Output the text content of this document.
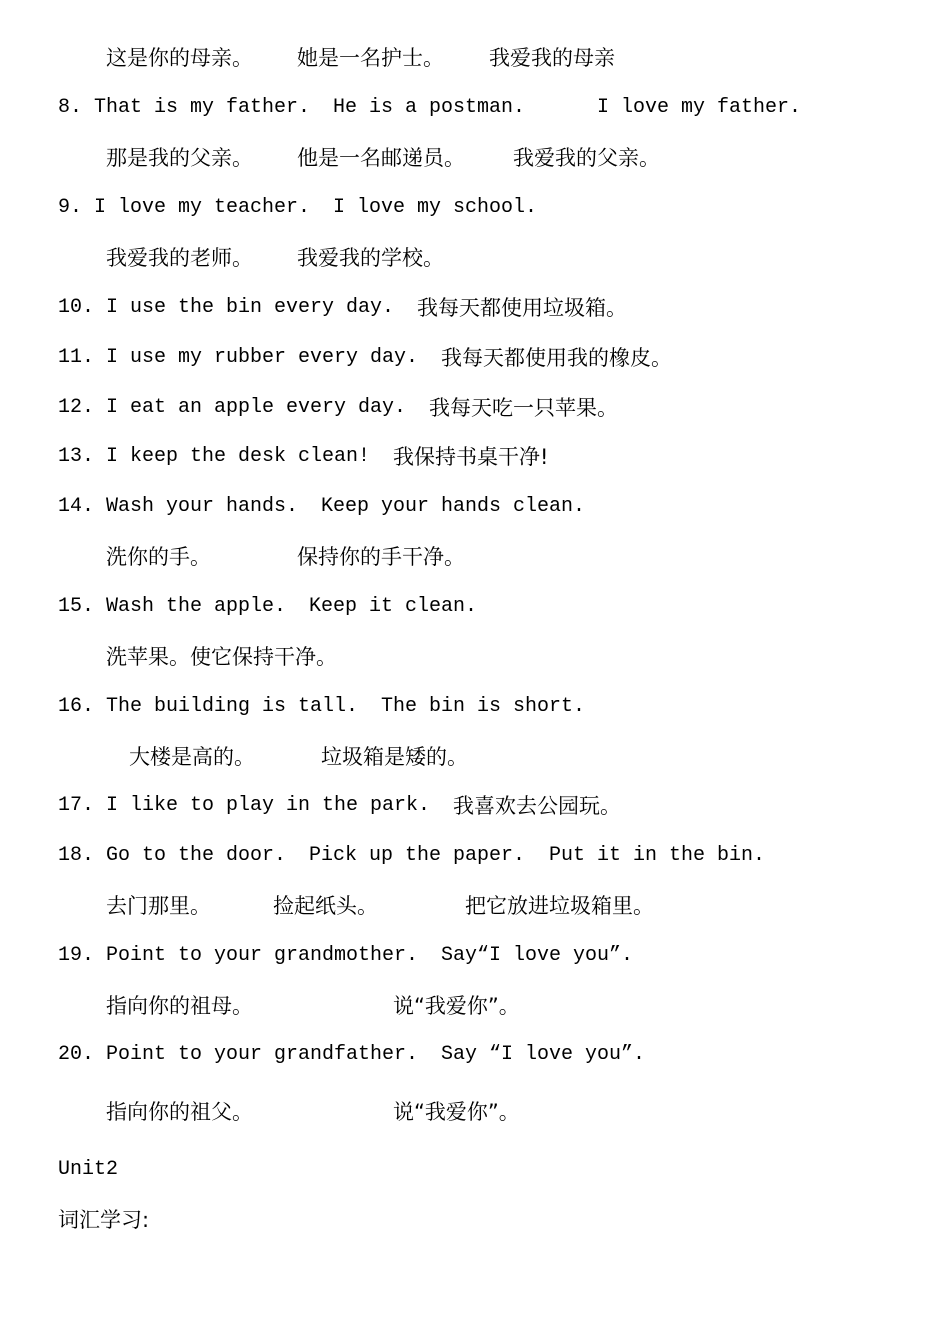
这是你的母亲。

她是一名护士。

我爱我的母亲

8.

That is my father.

He is a postman.

	I love my father.

那是我的父亲。

他是一名邮递员。

我爱我的父亲。

9.

I love my teacher.

I love my school.

我爱我的老师。

我爱我的学校。

10.

I use the bin every day.

我每天都使用垃圾箱。

11.

I use my rubber every day.

我每天都使用我的橡皮。

12.

I eat an apple every day.

我每天吃一只苹果。

13.

I keep the desk clean!

我保持书桌干净!

14.

Wash your hands.

Keep your hands clean.

洗你的手。

	保持你的手干净。

15.

Wash the apple.

Keep it clean.

洗苹果。使它保持干净。

16.

The building is tall.

The bin is short.

大楼是高的。

	垃圾箱是矮的。

17.

I like to play in the park.

我喜欢去公园玩。

18.

Go to the door.

Pick up the paper.

Put it in the bin.

去门那里。

	捡起纸头。

	把它放进垃圾箱里。

19.

Point to your grandmother.

Say“I love you”.

指向你的祖母。

	说“我爱你”。

20.

Point to your grandfather.

Say “I love you”.

指向你的祖父。

	说“我爱你”。

Unit2

词汇学习:
